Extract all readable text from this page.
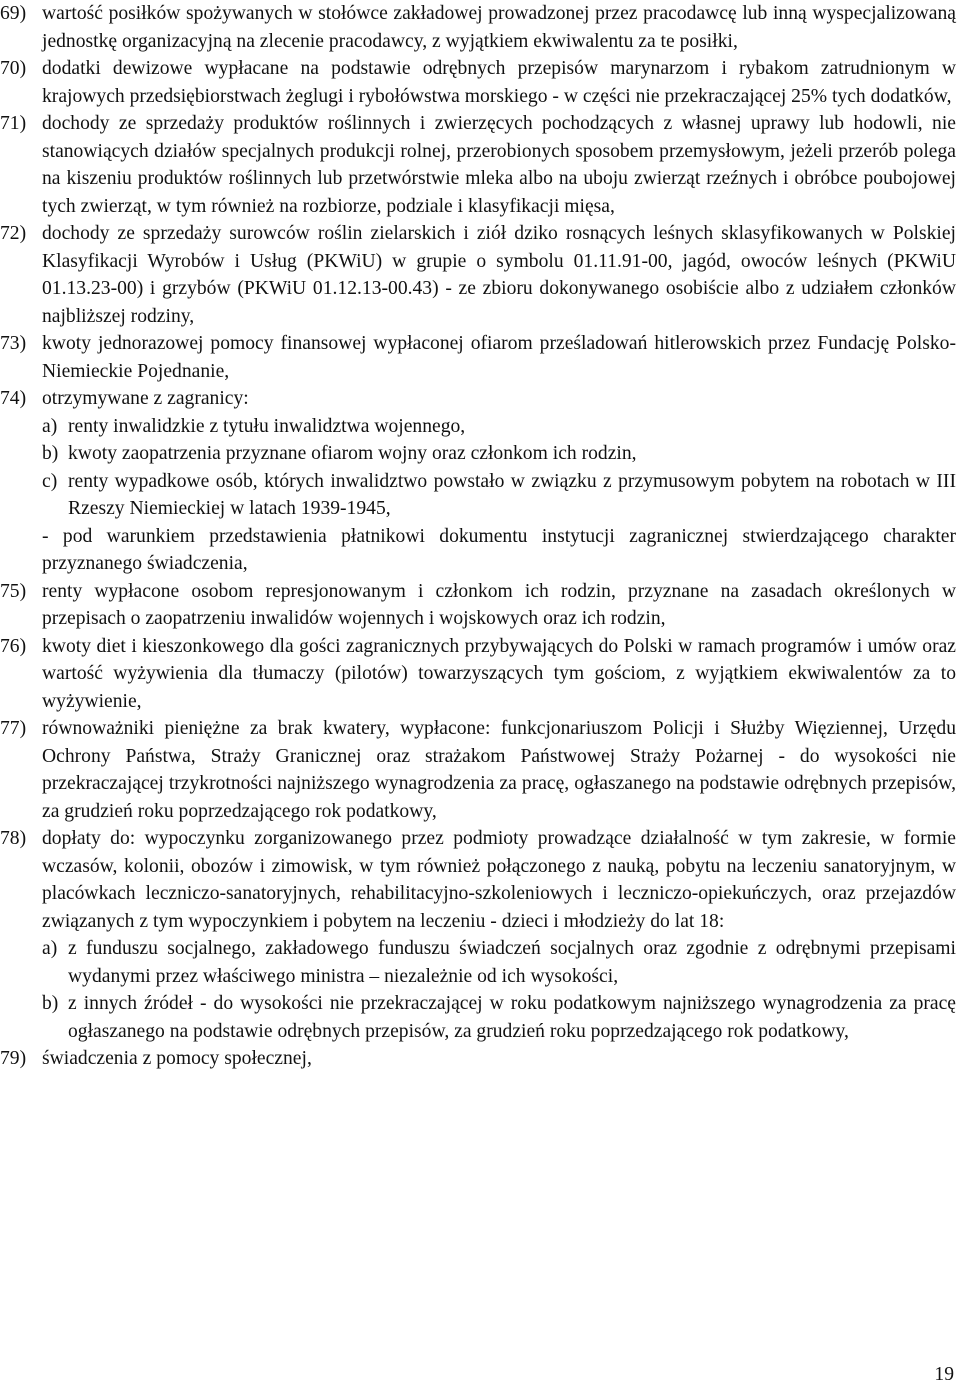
69) wartość posiłków spożywanych w stołówce zakładowej prowadzonej przez pracodawcę lub inną wyspecjalizowaną jednostkę organizacyjną na zlecenie pracodawcy, z wyjątkiem ekwiwalentu za te posiłki,
70) dodatki dewizowe wypłacane na podstawie odrębnych przepisów marynarzom i rybakom zatrudnionym w krajowych przedsiębiorstwach żeglugi i rybołówstwa morskiego - w części nie przekraczającej 25% tych dodatków,
71) dochody ze sprzedaży produktów roślinnych i zwierzęcych pochodzących z własnej uprawy lub hodowli, nie stanowiących działów specjalnych produkcji rolnej, przerobionych sposobem przemysłowym, jeżeli przerób polega na kiszeniu produktów roślinnych lub przetwórstwie mleka albo na uboju zwierząt rzeźnych i obróbce poubojowej tych zwierząt, w tym również na rozbiorze, podziale i klasyfikacji mięsa,
72) dochody ze sprzedaży surowców roślin zielarskich i ziół dziko rosnących leśnych sklasyfikowanych w Polskiej Klasyfikacji Wyrobów i Usług (PKWiU) w grupie o symbolu 01.11.91-00, jagód, owoców leśnych (PKWiU 01.13.23-00) i grzybów (PKWiU 01.12.13-00.43) - ze zbioru dokonywanego osobiście albo z udziałem członków najbliższej rodziny,
73) kwoty jednorazowej pomocy finansowej wypłaconej ofiarom prześladowań hitlerowskich przez Fundację Polsko-Niemieckie Pojednanie,
74) otrzymywane z zagranicy:
a) renty inwalidzkie z tytułu inwalidztwa wojennego,
b) kwoty zaopatrzenia przyznane ofiarom wojny oraz członkom ich rodzin,
c) renty wypadkowe osób, których inwalidztwo powstało w związku z przymusowym pobytem na robotach w III Rzeszy Niemieckiej w latach 1939-1945,
- pod warunkiem przedstawienia płatnikowi dokumentu instytucji zagranicznej stwierdzającego charakter przyznanego świadczenia,
75) renty wypłacone osobom represjonowanym i członkom ich rodzin, przyznane na zasadach określonych w przepisach o zaopatrzeniu inwalidów wojennych i wojskowych oraz ich rodzin,
76) kwoty diet i kieszonkowego dla gości zagranicznych przybywających do Polski w ramach programów i umów oraz wartość wyżywienia dla tłumaczy (pilotów) towarzyszących tym gościom, z wyjątkiem ekwiwalentów za to wyżywienie,
77) równoważniki pieniężne za brak kwatery, wypłacone: funkcjonariuszom Policji i Służby Więziennej, Urzędu Ochrony Państwa, Straży Granicznej oraz strażakom Państwowej Straży Pożarnej - do wysokości nie przekraczającej trzykrotności najniższego wynagrodzenia za pracę, ogłaszanego na podstawie odrębnych przepisów, za grudzień roku poprzedzającego rok podatkowy,
78) dopłaty do: wypoczynku zorganizowanego przez podmioty prowadzące działalność w tym zakresie, w formie wczasów, kolonii, obozów i zimowisk, w tym również połączonego z nauką, pobytu na leczeniu sanatoryjnym, w placówkach leczniczo-sanatoryjnych, rehabilitacyjno-szkoleniowych i leczniczo-opiekuńczych, oraz przejazdów związanych z tym wypoczynkiem i pobytem na leczeniu - dzieci i młodzieży do lat 18:
a) z funduszu socjalnego, zakładowego funduszu świadczeń socjalnych oraz zgodnie z odrębnymi przepisami wydanymi przez właściwego ministra – niezależnie od ich wysokości,
b) z innych źródeł - do wysokości nie przekraczającej w roku podatkowym najniższego wynagrodzenia za pracę ogłaszanego na podstawie odrębnych przepisów, za grudzień roku poprzedzającego rok podatkowy,
79) świadczenia z pomocy społecznej,
19
